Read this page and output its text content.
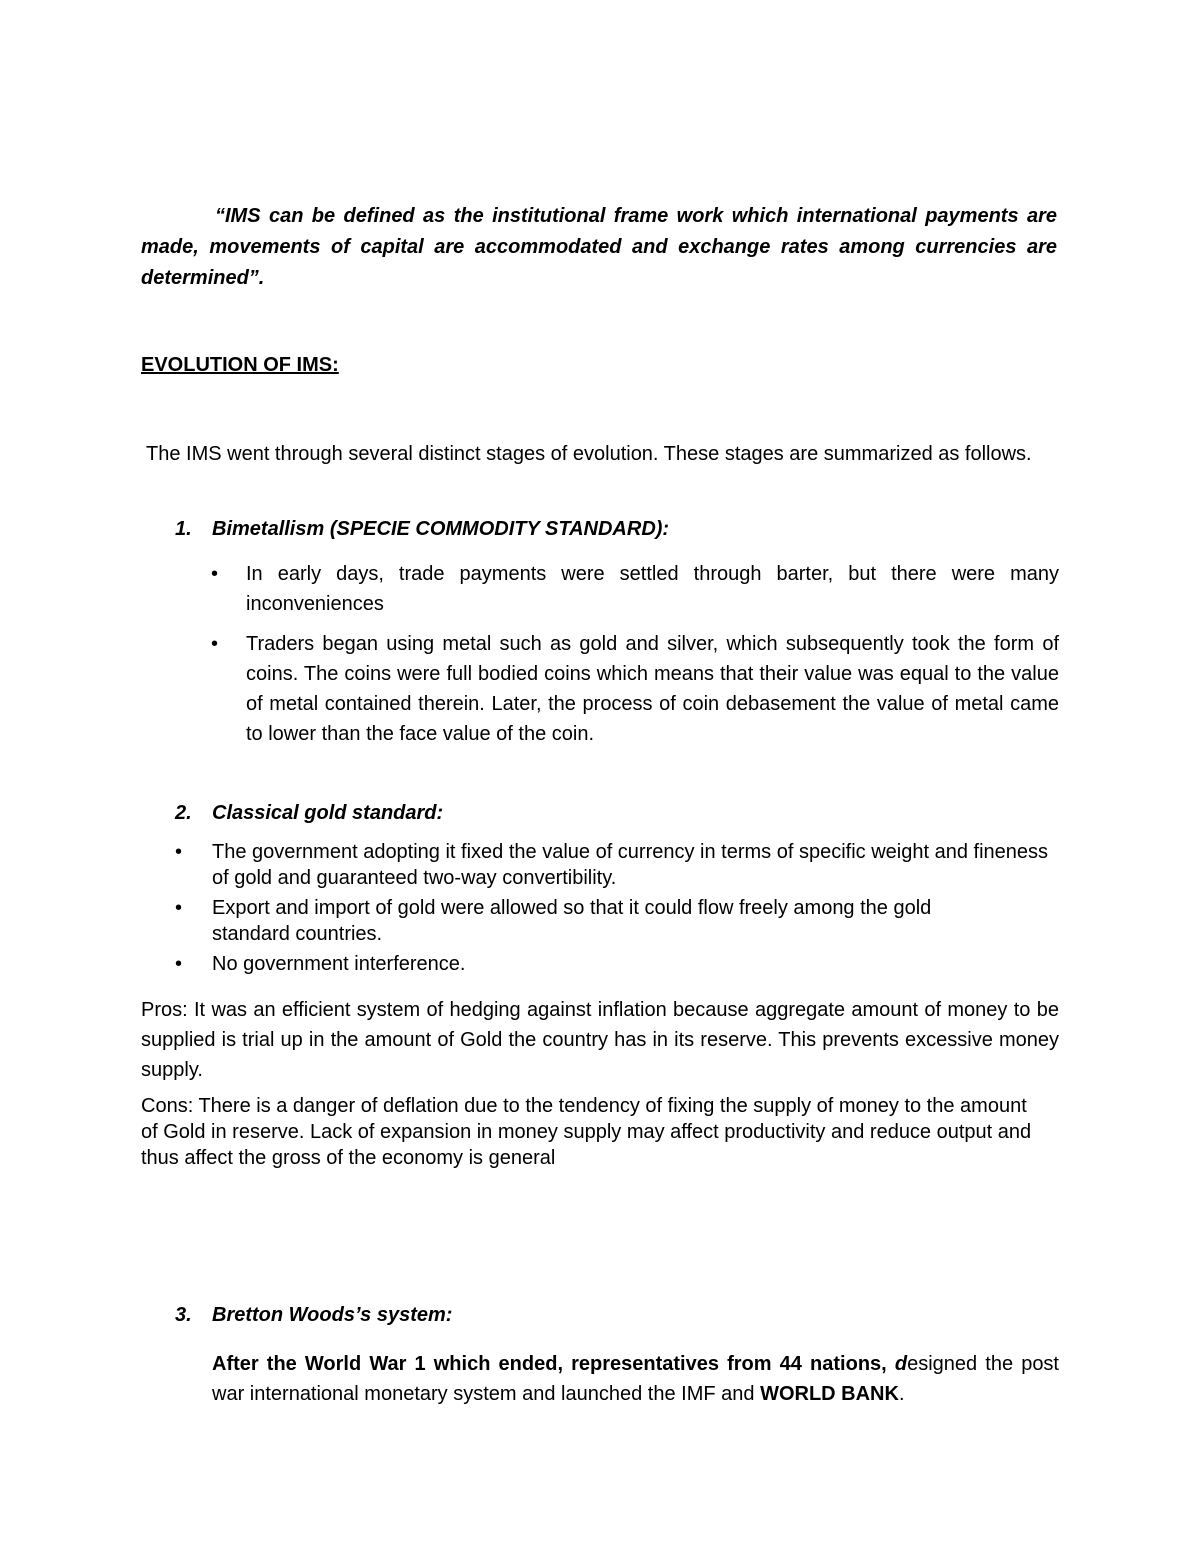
“IMS can be defined as the institutional frame work which international payments are made, movements of capital are accommodated and exchange rates among currencies are determined”.
EVOLUTION OF IMS:
The IMS went through several distinct stages of evolution. These stages are summarized as follows.
1. Bimetallism (SPECIE COMMODITY STANDARD):
• In early days, trade payments were settled through barter, but there were many inconveniences
• Traders began using metal such as gold and silver, which subsequently took the form of coins. The coins were full bodied coins which means that their value was equal to the value of metal contained therein. Later, the process of coin debasement the value of metal came to lower than the face value of the coin.
2. Classical gold standard:
• The government adopting it fixed the value of currency in terms of specific weight and fineness of gold and guaranteed two-way convertibility.
• Export and import of gold were allowed so that it could flow freely among the gold standard countries.
• No government interference.
Pros: It was an efficient system of hedging against inflation because aggregate amount of money to be supplied is trial up in the amount of Gold the country has in its reserve. This prevents excessive money supply.
Cons: There is a danger of deflation due to the tendency of fixing the supply of money to the amount of Gold in reserve. Lack of expansion in money supply may affect productivity and reduce output and thus affect the gross of the economy is general
3. Bretton Woods’s system:
After the World War 1 which ended, representatives from 44 nations, designed the post war international monetary system and launched the IMF and WORLD BANK.
